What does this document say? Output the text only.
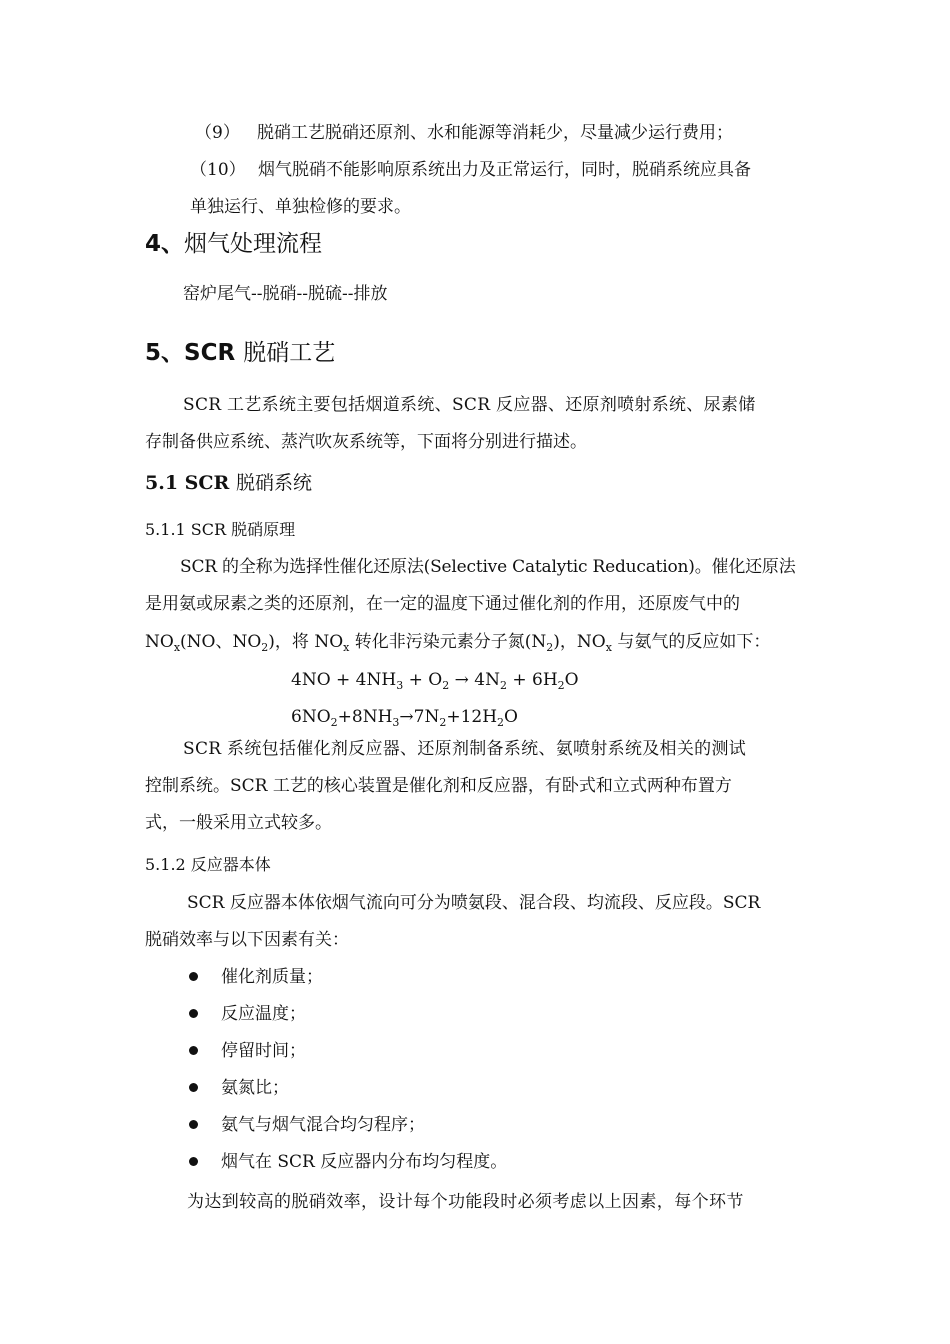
（9） 脱硝工艺脱硝还原剂、水和能源等消耗少，尽量减少运行费用；
（10） 烟气脱硝不能影响原系统出力及正常运行，同时，脱硝系统应具备
单独运行、单独检修的要求。
4、烟气处理流程
窑炉尾气--脱硝--脱硫--排放
5、SCR 脱硝工艺
SCR 工艺系统主要包括烟道系统、SCR 反应器、还原剂喷射系统、尿素储
存制备供应系统、蒸汽吹灰系统等，下面将分别进行描述。
5.1 SCR 脱硝系统
5.1.1 SCR 脱硝原理
SCR 的全称为选择性催化还原法(Selective Catalytic Reducation)。催化还原法
是用氨或尿素之类的还原剂，在一定的温度下通过催化剂的作用，还原废气中的
$NO_x(NO$、$NO_2$)，将 $NO_x$ 转化非污染元素分子氮$(N_2)$，$NO_x$ 与氨气的反应如下：
$4NO + 4NH_3 + O_2 \to 4N_2 + 6H_2O$
$6NO_2+8NH_3\to 7N_2+12H_2O$
SCR 系统包括催化剂反应器、还原剂制备系统、氨喷射系统及相关的测试
控制系统。SCR 工艺的核心装置是催化剂和反应器，有卧式和立式两种布置方
式，一般采用立式较多。
5.1.2 反应器本体
SCR 反应器本体依烟气流向可分为喷氨段、混合段、均流段、反应段。SCR
脱硝效率与以下因素有关：
催化剂质量；
反应温度；
停留时间；
氨氮比；
氨气与烟气混合均匀程序；
烟气在 SCR 反应器内分布均匀程度。
为达到较高的脱硝效率，设计每个功能段时必须考虑以上因素，每个环节
